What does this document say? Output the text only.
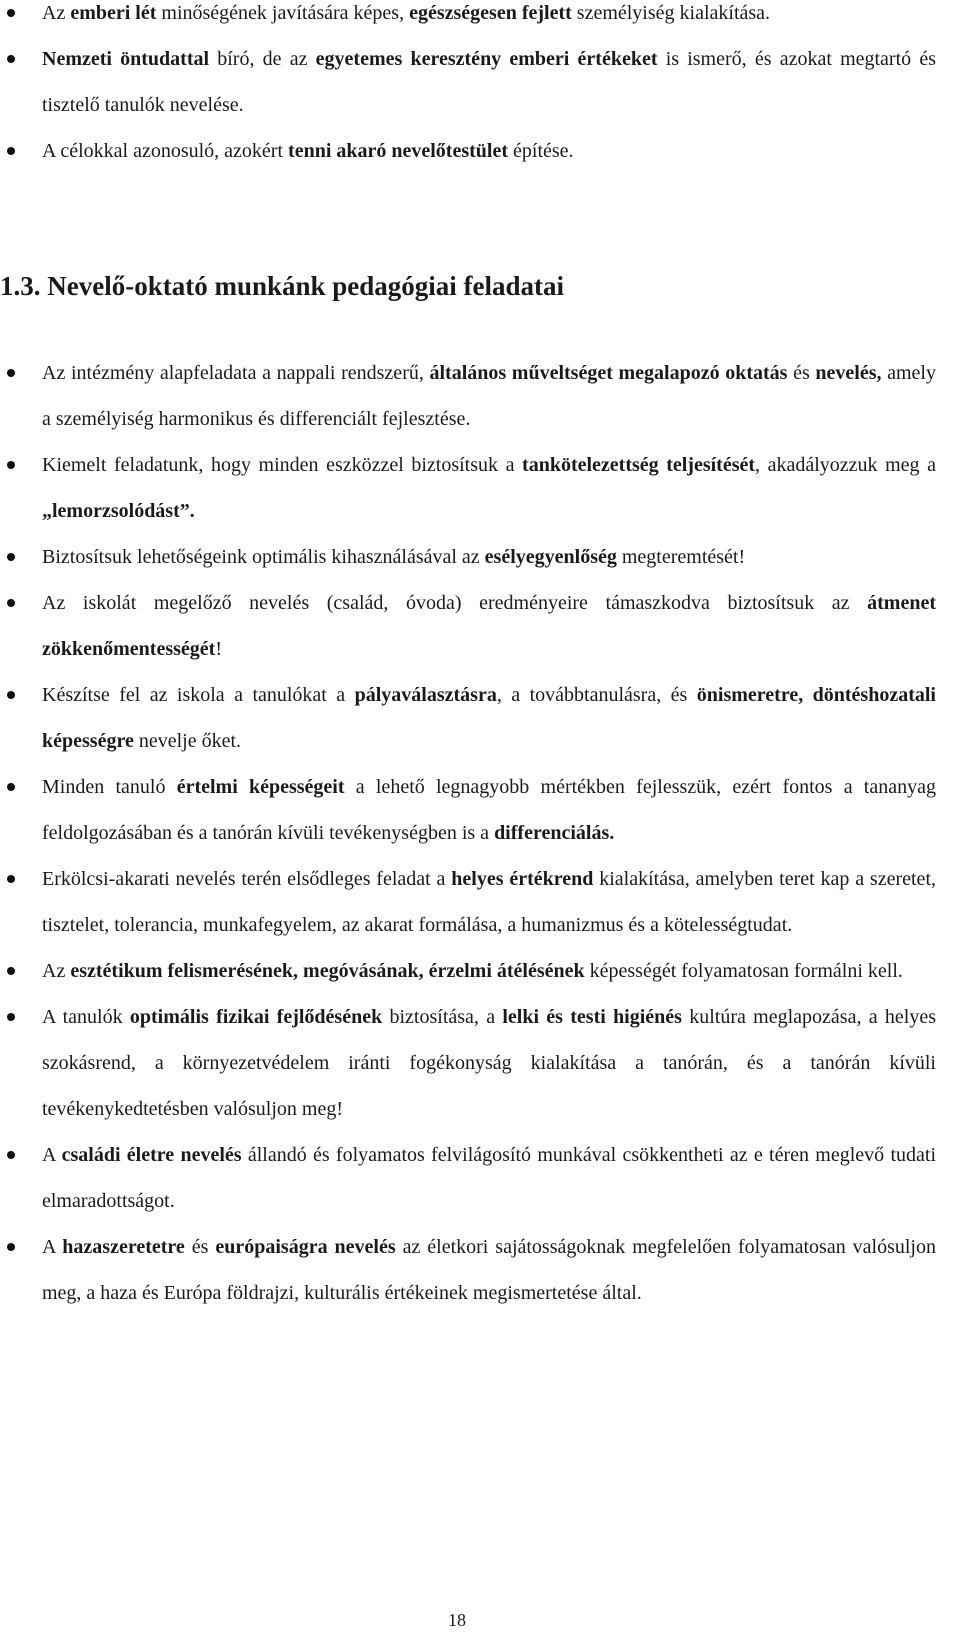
Az emberi lét minőségének javítására képes, egészségesen fejlett személyiség kialakítása.
Nemzeti öntudattal bíró, de az egyetemes keresztény emberi értékeket is ismerő, és azokat megtartó és tisztelő tanulók nevelése.
A célokkal azonosuló, azokért tenni akaró nevelőtestület építése.
1.3. Nevelő-oktató munkánk pedagógiai feladatai
Az intézmény alapfeladata a nappali rendszerű, általános műveltséget megalapozó oktatás és nevelés, amely a személyiség harmonikus és differenciált fejlesztése.
Kiemelt feladatunk, hogy minden eszközzel biztosítsuk a tankötelezettség teljesítését, akadályozzuk meg a „lemorzsolódást”.
Biztosítsuk lehetőségeink optimális kihasználásával az esélyegyenlőség megteremtését!
Az iskolát megelőző nevelés (család, óvoda) eredményeire támaszkodva biztosítsuk az átmenet zökkenőmentességét!
Készítse fel az iskola a tanulókat a pályaválasztásra, a továbbtanulásra, és önismeretre, döntéshozatali képességre nevelje őket.
Minden tanuló értelmi képességeit a lehető legnagyobb mértékben fejlesszük, ezért fontos a tananyag feldolgozásában és a tanórán kívüli tevékenységben is a differenciálás.
Erkölcsi-akarati nevelés terén elsődleges feladat a helyes értékrend kialakítása, amelyben teret kap a szeretet, tisztelet, tolerancia, munkafegyelem, az akarat formálása, a humanizmus és a kötelességtudat.
Az esztétikum felismerésének, megóvásának, érzelmi átélésének képességét folyamatosan formálni kell.
A tanulók optimális fizikai fejlődésének biztosítása, a lelki és testi higiénés kultúra meglapozása, a helyes szokásrend, a környezetvédelem iránti fogékonyság kialakítása a tanórán, és a tanórán kívüli tevékenykedtetésben valósuljon meg!
A családi életre nevelés állandó és folyamatos felvilágosító munkával csökkentheti az e téren meglevő tudati elmaradottságot.
A hazaszeretetre és európaiságra nevelés az életkori sajátosságoknak megfelelően folyamatosan valósuljon meg, a haza és Európa földrajzi, kulturális értékeinek megismertetése által.
18
